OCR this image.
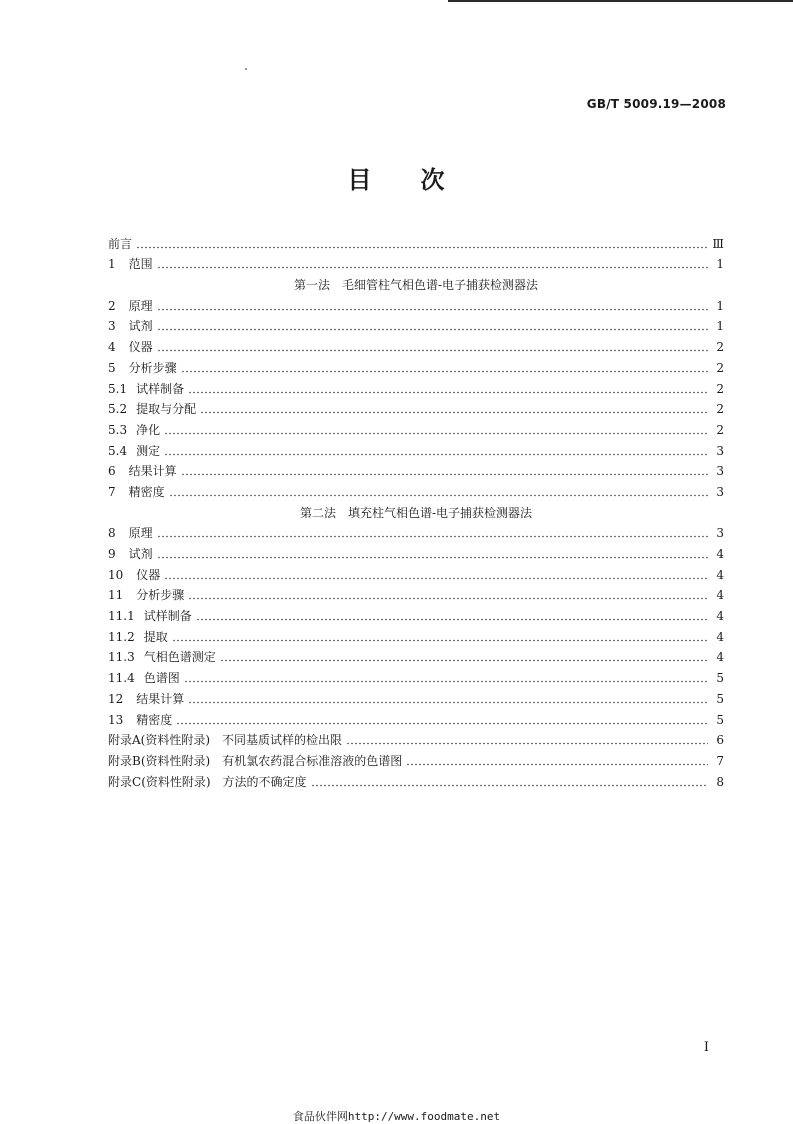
GB/T 5009.19—2008
目 次
前言	Ⅲ
1 范围	1
第一法　毛细管柱气相色谱-电子捕获检测器法
2 原理	1
3 试剂	1
4 仪器	2
5 分析步骤	2
5.1 试样制备	2
5.2 提取与分配	2
5.3 净化	2
5.4 测定	3
6 结果计算	3
7 精密度	3
第二法　填充柱气相色谱-电子捕获检测器法
8 原理	3
9 试剂	4
10 仪器	4
11 分析步骤	4
11.1 试样制备	4
11.2 提取	4
11.3 气相色谱测定	4
11.4 色谱图	5
12 结果计算	5
13 精密度	5
附录A (资料性附录)　不同基质试样的检出限	6
附录B (资料性附录)　有机氯农药混合标准溶液的色谱图	7
附录C (资料性附录)　方法的不确定度	8
Ⅰ
食品伙伴网http://www.foodmate.net
